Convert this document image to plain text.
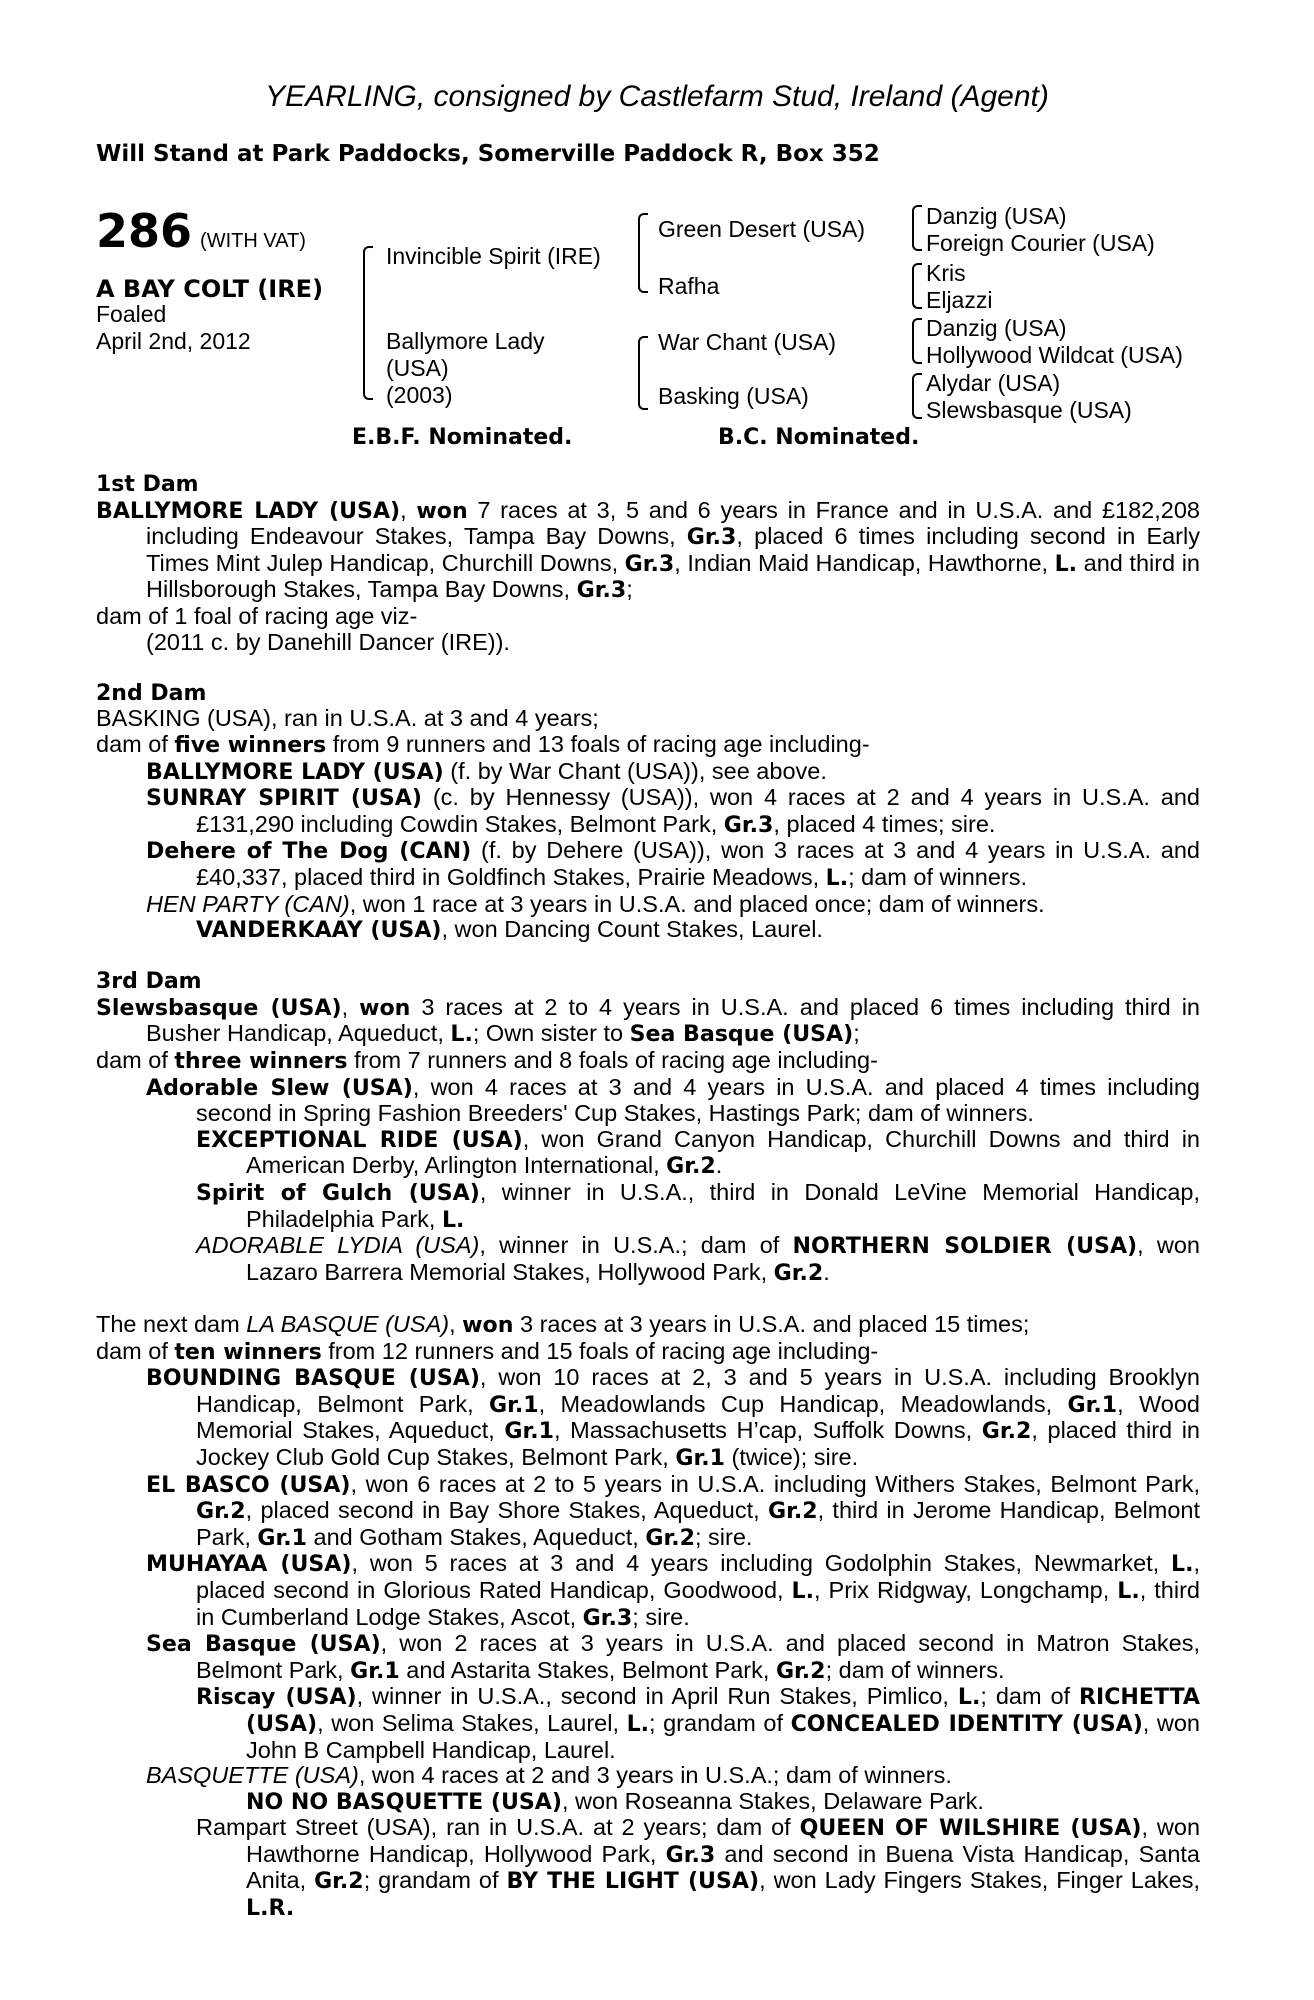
YEARLING, consigned by Castlefarm Stud, Ireland (Agent)
Will Stand at Park Paddocks, Somerville Paddock R, Box 352
286 (WITH VAT)
A BAY COLT (IRE)
Foaled
April 2nd, 2012
Invincible Spirit (IRE)
Ballymore Lady
(USA)
(2003)
Green Desert (USA)
Rafha
War Chant (USA)
Basking (USA)
Danzig (USA)
Foreign Courier (USA)
Kris
Eljazzi
Danzig (USA)
Hollywood Wildcat (USA)
Alydar (USA)
Slewsbasque (USA)
E.B.F. Nominated.	B.C. Nominated.

1st Dam

BALLYMORE LADY (USA), won 7 races at 3, 5 and 6 years in France and in U.S.A. and £182,208 including Endeavour Stakes, Tampa Bay Downs, Gr.3, placed 6 times including second in Early Times Mint Julep Handicap, Churchill Downs, Gr.3, Indian Maid Handicap, Hawthorne, L. and third in Hillsborough Stakes, Tampa Bay Downs, Gr.3;

dam of 1 foal of racing age viz-
(2011 c. by Danehill Dancer (IRE)).

2nd Dam

BASKING (USA), ran in U.S.A. at 3 and 4 years;

dam of five winners from 9 runners and 13 foals of racing age including-

BALLYMORE LADY (USA) (f. by War Chant (USA)), see above.

SUNRAY SPIRIT (USA) (c. by Hennessy (USA)), won 4 races at 2 and 4 years in U.S.A. and £131,290 including Cowdin Stakes, Belmont Park, Gr.3, placed 4 times; sire.

Dehere of The Dog (CAN) (f. by Dehere (USA)), won 3 races at 3 and 4 years in U.S.A. and £40,337, placed third in Goldfinch Stakes, Prairie Meadows, L.; dam of winners.

HEN PARTY (CAN), won 1 race at 3 years in U.S.A. and placed once; dam of winners.

VANDERKAAY (USA), won Dancing Count Stakes, Laurel.

3rd Dam

Slewsbasque (USA), won 3 races at 2 to 4 years in U.S.A. and placed 6 times including third in Busher Handicap, Aqueduct, L.; Own sister to Sea Basque (USA);

dam of three winners from 7 runners and 8 foals of racing age including-

Adorable Slew (USA), won 4 races at 3 and 4 years in U.S.A. and placed 4 times including second in Spring Fashion Breeders' Cup Stakes, Hastings Park; dam of winners.

EXCEPTIONAL RIDE (USA), won Grand Canyon Handicap, Churchill Downs and third in American Derby, Arlington International, Gr.2.

Spirit of Gulch (USA), winner in U.S.A., third in Donald LeVine Memorial Handicap, Philadelphia Park, L.

ADORABLE LYDIA (USA), winner in U.S.A.; dam of NORTHERN SOLDIER (USA), won Lazaro Barrera Memorial Stakes, Hollywood Park, Gr.2.

The next dam LA BASQUE (USA), won 3 races at 3 years in U.S.A. and placed 15 times;

dam of ten winners from 12 runners and 15 foals of racing age including-

BOUNDING BASQUE (USA), won 10 races at 2, 3 and 5 years in U.S.A. including Brooklyn Handicap, Belmont Park, Gr.1, Meadowlands Cup Handicap, Meadowlands, Gr.1, Wood Memorial Stakes, Aqueduct, Gr.1, Massachusetts H’cap, Suffolk Downs, Gr.2, placed third in Jockey Club Gold Cup Stakes, Belmont Park, Gr.1 (twice); sire.

EL BASCO (USA), won 6 races at 2 to 5 years in U.S.A. including Withers Stakes, Belmont Park, Gr.2, placed second in Bay Shore Stakes, Aqueduct, Gr.2, third in Jerome Handicap, Belmont Park, Gr.1 and Gotham Stakes, Aqueduct, Gr.2; sire.

MUHAYAA (USA), won 5 races at 3 and 4 years including Godolphin Stakes, Newmarket, L., placed second in Glorious Rated Handicap, Goodwood, L., Prix Ridgway, Longchamp, L., third in Cumberland Lodge Stakes, Ascot, Gr.3; sire.

Sea Basque (USA), won 2 races at 3 years in U.S.A. and placed second in Matron Stakes, Belmont Park, Gr.1 and Astarita Stakes, Belmont Park, Gr.2; dam of winners.

Riscay (USA), winner in U.S.A., second in April Run Stakes, Pimlico, L.; dam of RICHETTA (USA), won Selima Stakes, Laurel, L.; grandam of CONCEALED IDENTITY (USA), won John B Campbell Handicap, Laurel.

BASQUETTE (USA), won 4 races at 2 and 3 years in U.S.A.; dam of winners.

NO NO BASQUETTE (USA), won Roseanna Stakes, Delaware Park.

Rampart Street (USA), ran in U.S.A. at 2 years; dam of QUEEN OF WILSHIRE (USA), won Hawthorne Handicap, Hollywood Park, Gr.3 and second in Buena Vista Handicap, Santa Anita, Gr.2; grandam of BY THE LIGHT (USA), won Lady Fingers Stakes, Finger Lakes, L.R.
